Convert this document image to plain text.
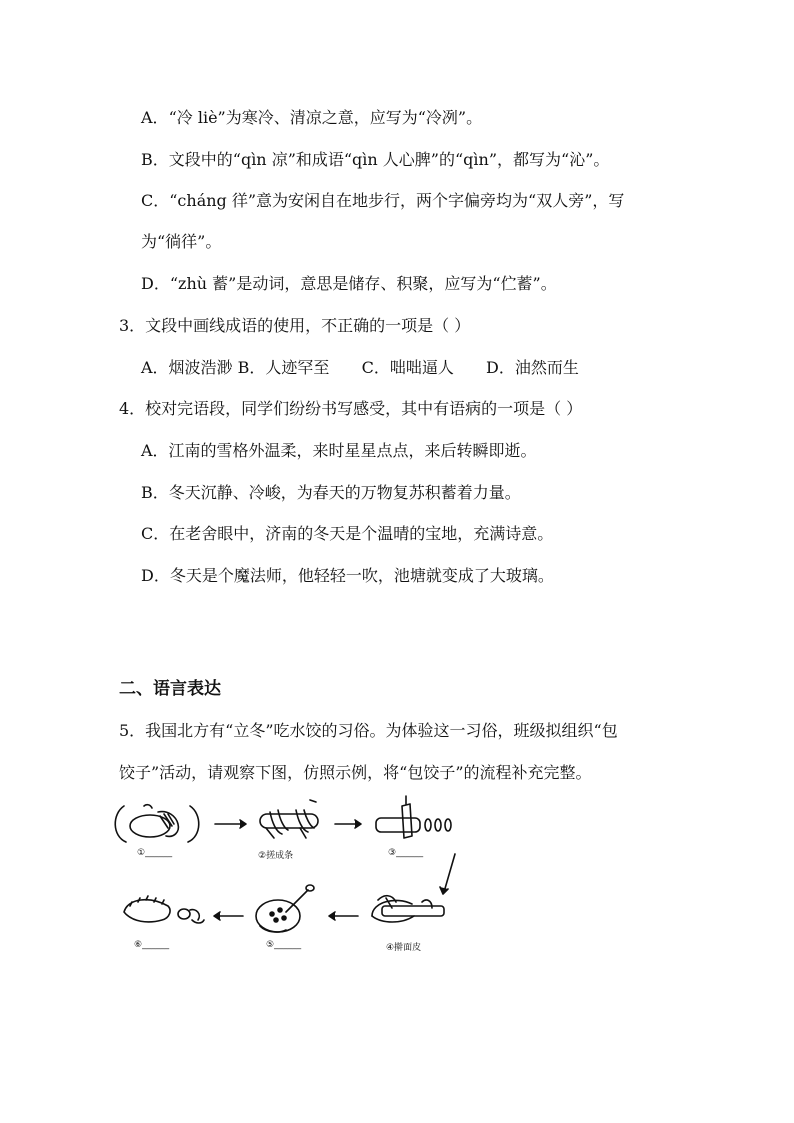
A．“冷 liè”为寒冷、清凉之意，应写为“冷冽”。
B．文段中的“qìn 凉”和成语“qìn 人心脾”的“qìn”，都写为“沁”。
C．“cháng 徉”意为安闲自在地步行，两个字偏旁均为“双人旁”，写
为“徜徉”。
D．“zhù 蓄”是动词，意思是储存、积聚，应写为“伫蓄”。
3．文段中画线成语的使用，不正确的一项是（ ）
A．烟波浩渺 B．人迹罕至 C．咄咄逼人 D．油然而生
4．校对完语段，同学们纷纷书写感受，其中有语病的一项是（ ）
A．江南的雪格外温柔，来时星星点点，来后转瞬即逝。
B．冬天沉静、冷峻，为春天的万物复苏积蓄着力量。
C．在老舍眼中，济南的冬天是个温晴的宝地，充满诗意。
D．冬天是个魔法师，他轻轻一吹，池塘就变成了大玻璃。
二、语言表达
5．我国北方有“立冬”吃水饺的习俗。为体验这一习俗，班级拟组织“包
饺子”活动，请观察下图，仿照示例，将“包饺子”的流程补充完整。
①______	②搓成条	③______
④擀面皮
⑤______
⑥______
